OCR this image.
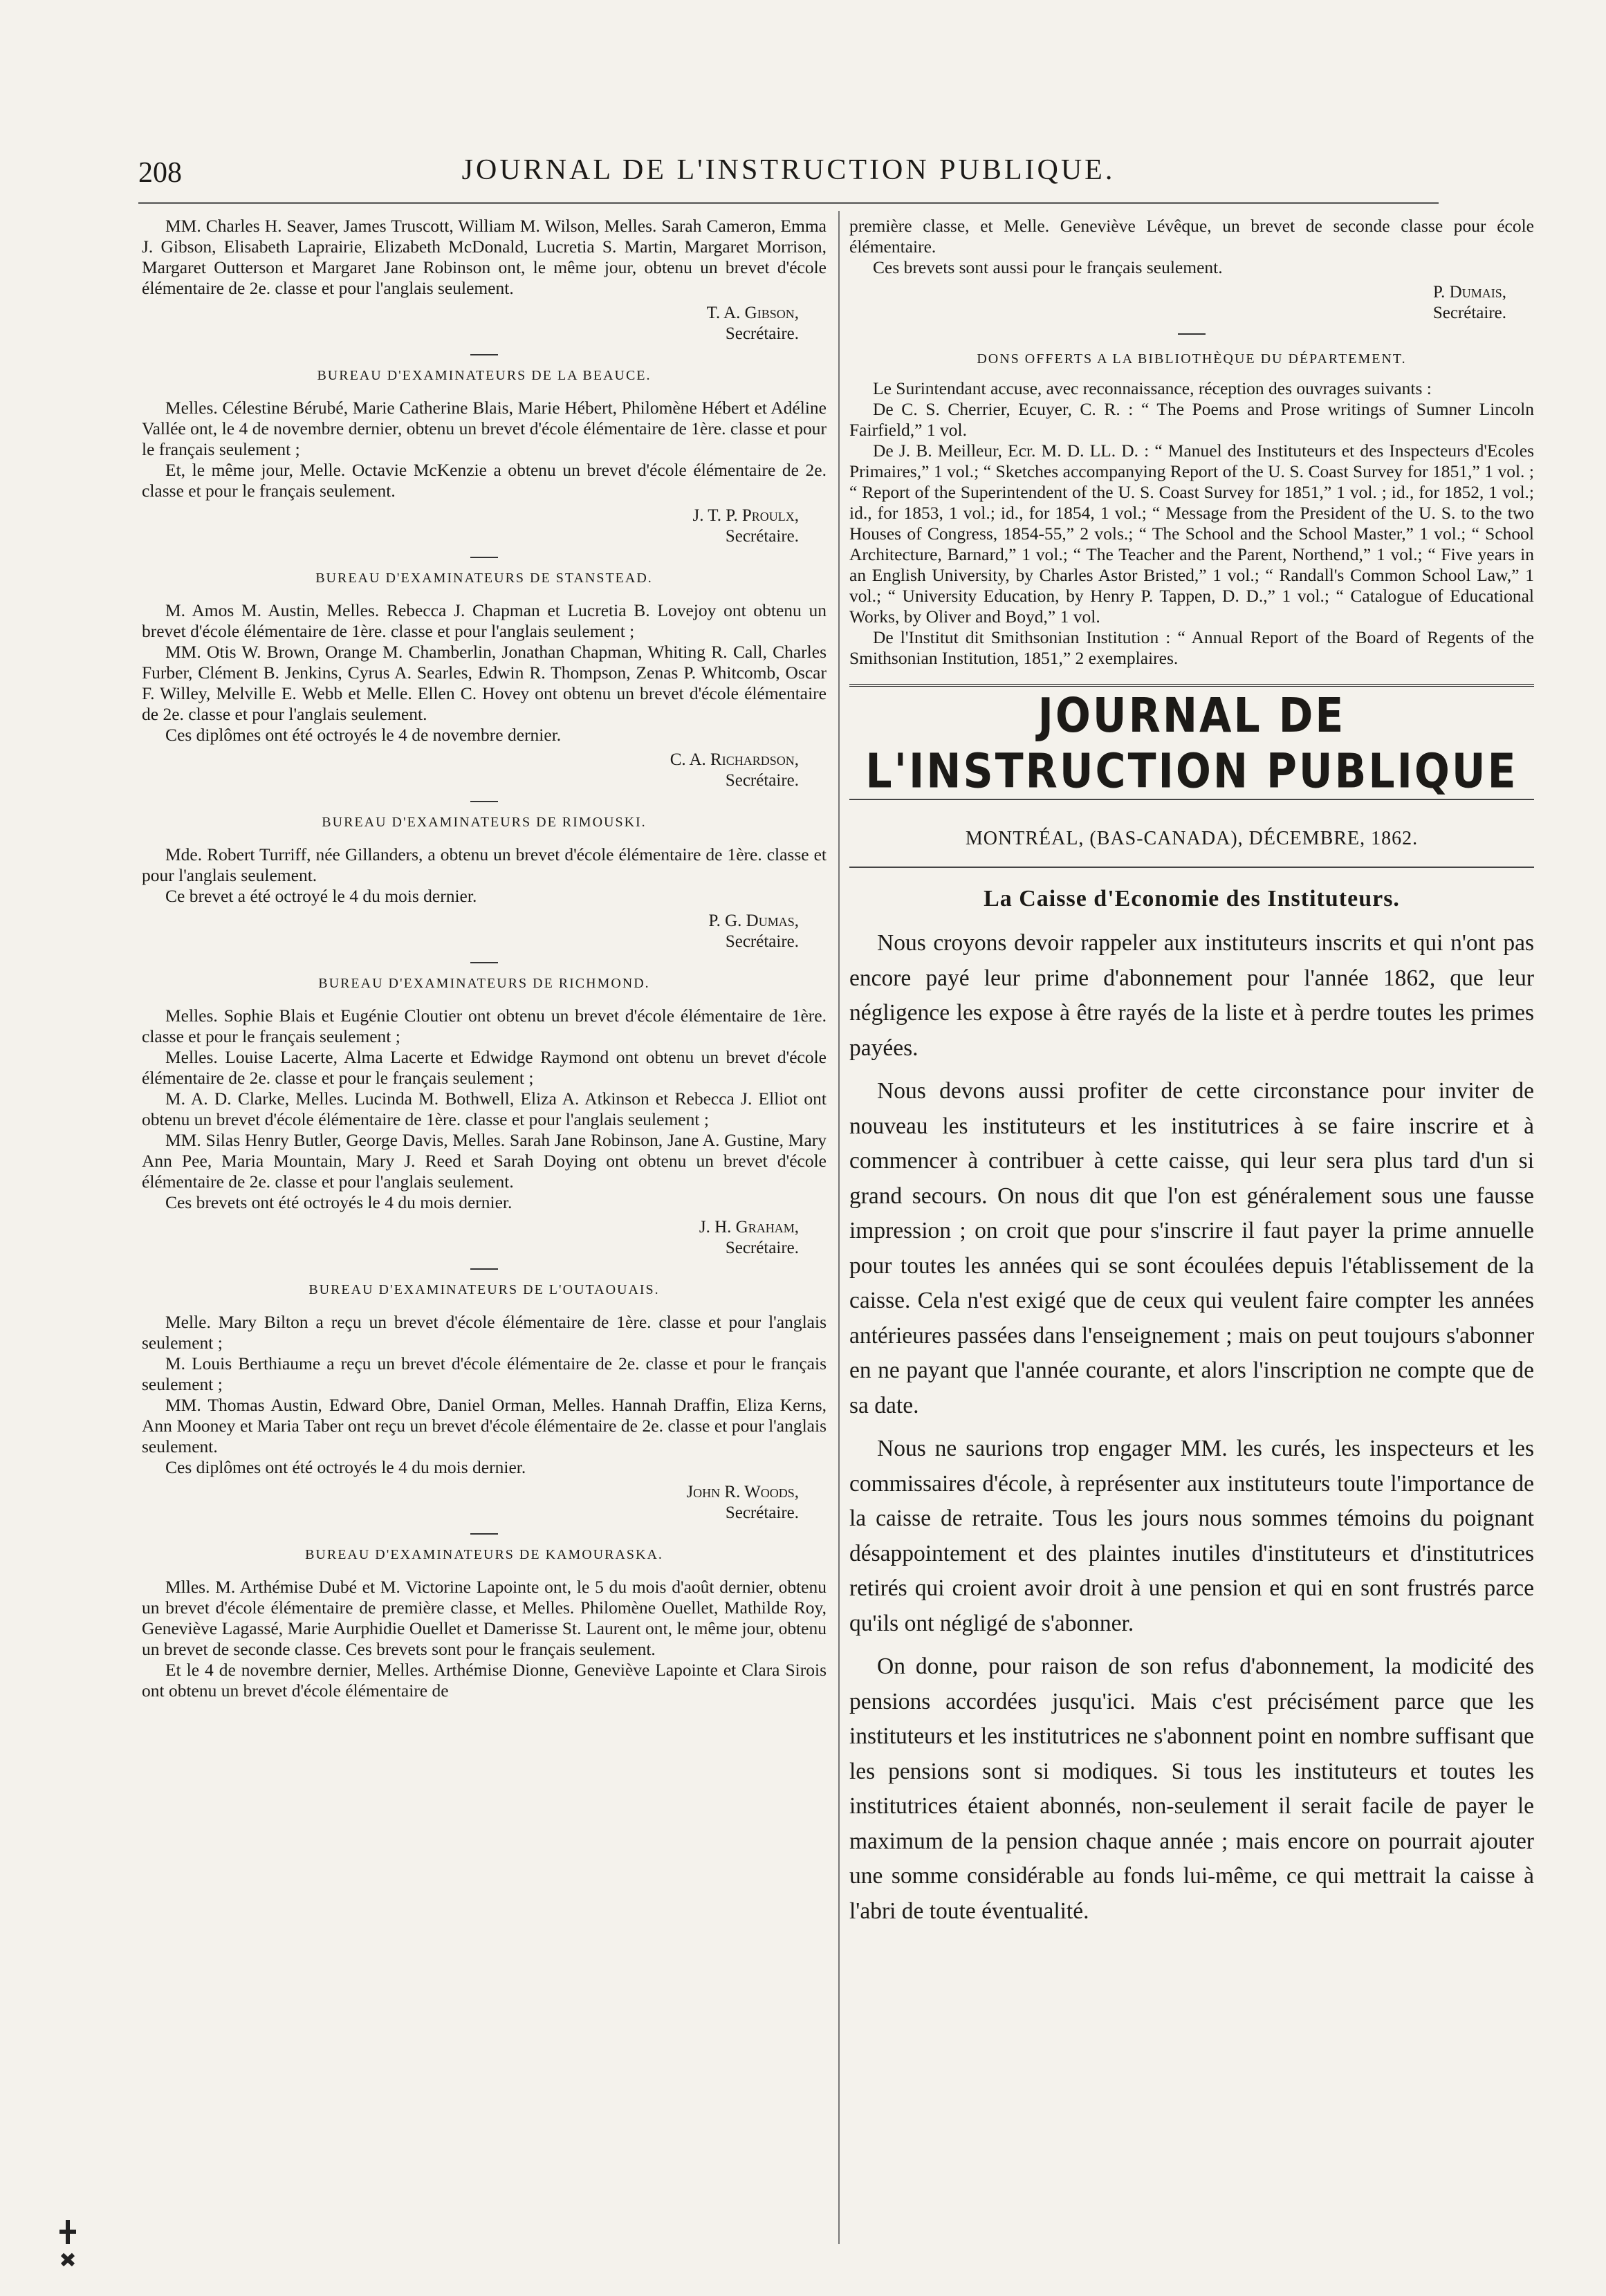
208	JOURNAL DE L'INSTRUCTION PUBLIQUE.

MM. Charles H. Seaver, James Truscott, William M. Wilson, Melles. Sarah Cameron, Emma J. Gibson, Elisabeth Laprairie, Elizabeth McDonald, Lucretia S. Martin, Margaret Morrison, Margaret Outterson et Margaret Jane Robinson ont, le même jour, obtenu un brevet d'école élémentaire de 2e. classe et pour l'anglais seulement.

T. A. Gibson,
Secrétaire.
BUREAU D'EXAMINATEURS DE LA BEAUCE.

Melles. Célestine Bérubé, Marie Catherine Blais, Marie Hébert, Philomène Hébert et Adéline Vallée ont, le 4 de novembre dernier, obtenu un brevet d'école élémentaire de 1ère. classe et pour le français seulement ;

Et, le même jour, Melle. Octavie McKenzie a obtenu un brevet d'école élémentaire de 2e. classe et pour le français seulement.

J. T. P. Proulx,
Secrétaire.
BUREAU D'EXAMINATEURS DE STANSTEAD.

M. Amos M. Austin, Melles. Rebecca J. Chapman et Lucretia B. Lovejoy ont obtenu un brevet d'école élémentaire de 1ère. classe et pour l'anglais seulement ;

MM. Otis W. Brown, Orange M. Chamberlin, Jonathan Chapman, Whiting R. Call, Charles Furber, Clément B. Jenkins, Cyrus A. Searles, Edwin R. Thompson, Zenas P. Whitcomb, Oscar F. Willey, Melville E. Webb et Melle. Ellen C. Hovey ont obtenu un brevet d'école élémentaire de 2e. classe et pour l'anglais seulement.

Ces diplômes ont été octroyés le 4 de novembre dernier.

C. A. Richardson,
Secrétaire.
BUREAU D'EXAMINATEURS DE RIMOUSKI.

Mde. Robert Turriff, née Gillanders, a obtenu un brevet d'école élémentaire de 1ère. classe et pour l'anglais seulement.

Ce brevet a été octroyé le 4 du mois dernier.

P. G. Dumas,
Secrétaire.
BUREAU D'EXAMINATEURS DE RICHMOND.

Melles. Sophie Blais et Eugénie Cloutier ont obtenu un brevet d'école élémentaire de 1ère. classe et pour le français seulement ;

Melles. Louise Lacerte, Alma Lacerte et Edwidge Raymond ont obtenu un brevet d'école élémentaire de 2e. classe et pour le français seulement ;

M. A. D. Clarke, Melles. Lucinda M. Bothwell, Eliza A. Atkinson et Rebecca J. Elliot ont obtenu un brevet d'école élémentaire de 1ère. classe et pour l'anglais seulement ;

MM. Silas Henry Butler, George Davis, Melles. Sarah Jane Robinson, Jane A. Gustine, Mary Ann Pee, Maria Mountain, Mary J. Reed et Sarah Doying ont obtenu un brevet d'école élémentaire de 2e. classe et pour l'anglais seulement.

Ces brevets ont été octroyés le 4 du mois dernier.

J. H. Graham,
Secrétaire.
BUREAU D'EXAMINATEURS DE L'OUTAOUAIS.

Melle. Mary Bilton a reçu un brevet d'école élémentaire de 1ère. classe et pour l'anglais seulement ;

M. Louis Berthiaume a reçu un brevet d'école élémentaire de 2e. classe et pour le français seulement ;

MM. Thomas Austin, Edward Obre, Daniel Orman, Melles. Hannah Draffin, Eliza Kerns, Ann Mooney et Maria Taber ont reçu un brevet d'école élémentaire de 2e. classe et pour l'anglais seulement.

Ces diplômes ont été octroyés le 4 du mois dernier.

John R. Woods,
Secrétaire.
BUREAU D'EXAMINATEURS DE KAMOURASKA.

Mlles. M. Arthémise Dubé et M. Victorine Lapointe ont, le 5 du mois d'août dernier, obtenu un brevet d'école élémentaire de première classe, et Melles. Philomène Ouellet, Mathilde Roy, Geneviève Lagassé, Marie Aurphidie Ouellet et Damerisse St. Laurent ont, le même jour, obtenu un brevet de seconde classe. Ces brevets sont pour le français seulement.

Et le 4 de novembre dernier, Melles. Arthémise Dionne, Geneviève Lapointe et Clara Sirois ont obtenu un brevet d'école élémentaire de

première classe, et Melle. Geneviève Lévêque, un brevet de seconde classe pour école élémentaire.

Ces brevets sont aussi pour le français seulement.

P. Dumais,
Secrétaire.
DONS OFFERTS A LA BIBLIOTHÈQUE DU DÉPARTEMENT.

Le Surintendant accuse, avec reconnaissance, réception des ouvrages suivants :

De C. S. Cherrier, Ecuyer, C. R. : “ The Poems and Prose writings of Sumner Lincoln Fairfield,” 1 vol.

De J. B. Meilleur, Ecr. M. D. LL. D. : “ Manuel des Instituteurs et des Inspecteurs d'Ecoles Primaires,” 1 vol.; “ Sketches accompanying Report of the U. S. Coast Survey for 1851,” 1 vol. ; “ Report of the Superintendent of the U. S. Coast Survey for 1851,” 1 vol. ; id., for 1852, 1 vol.; id., for 1853, 1 vol.; id., for 1854, 1 vol.; “ Message from the President of the U. S. to the two Houses of Congress, 1854-55,” 2 vols.; “ The School and the School Master,” 1 vol.; “ School Architecture, Barnard,” 1 vol.; “ The Teacher and the Parent, Northend,” 1 vol.; “ Five years in an English University, by Charles Astor Bristed,” 1 vol.; “ Randall's Common School Law,” 1 vol.; “ University Education, by Henry P. Tappen, D. D.,” 1 vol.; “ Catalogue of Educational Works, by Oliver and Boyd,” 1 vol.

De l'Institut dit Smithsonian Institution : “ Annual Report of the Board of Regents of the Smithsonian Institution, 1851,” 2 exemplaires.

JOURNAL DE L'INSTRUCTION PUBLIQUE
MONTRÉAL, (BAS-CANADA), DÉCEMBRE, 1862.
La Caisse d'Economie des Instituteurs.

Nous croyons devoir rappeler aux instituteurs inscrits et qui n'ont pas encore payé leur prime d'abonnement pour l'année 1862, que leur négligence les expose à être rayés de la liste et à perdre toutes les primes payées.

Nous devons aussi profiter de cette circonstance pour inviter de nouveau les instituteurs et les institutrices à se faire inscrire et à commencer à contribuer à cette caisse, qui leur sera plus tard d'un si grand secours. On nous dit que l'on est généralement sous une fausse impression ; on croit que pour s'inscrire il faut payer la prime annuelle pour toutes les années qui se sont écoulées depuis l'établissement de la caisse. Cela n'est exigé que de ceux qui veulent faire compter les années antérieures passées dans l'enseignement ; mais on peut toujours s'abonner en ne payant que l'année courante, et alors l'inscription ne compte que de sa date.

Nous ne saurions trop engager MM. les curés, les inspecteurs et les commissaires d'école, à représenter aux instituteurs toute l'importance de la caisse de retraite. Tous les jours nous sommes témoins du poignant désappointement et des plaintes inutiles d'instituteurs et d'institutrices retirés qui croient avoir droit à une pension et qui en sont frustrés parce qu'ils ont négligé de s'abonner.

On donne, pour raison de son refus d'abonnement, la modicité des pensions accordées jusqu'ici. Mais c'est précisément parce que les instituteurs et les institutrices ne s'abonnent point en nombre suffisant que les pensions sont si modiques. Si tous les instituteurs et toutes les institutrices étaient abonnés, non-seulement il serait facile de payer le maximum de la pension chaque année ; mais encore on pourrait ajouter une somme considérable au fonds lui-même, ce qui mettrait la caisse à l'abri de toute éventualité.
